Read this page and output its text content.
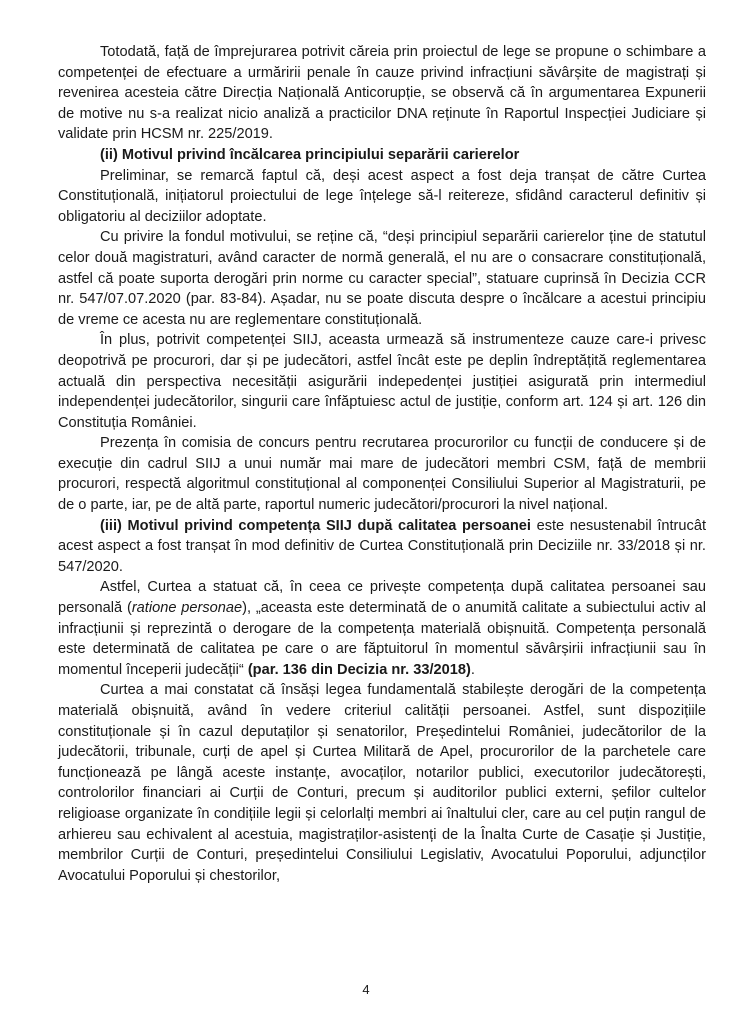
Totodată, față de împrejurarea potrivit căreia prin proiectul de lege se propune o schimbare a competenței de efectuare a urmăririi penale în cauze privind infracțiuni săvârșite de magistrați și revenirea acesteia către Direcția Națională Anticorupție, se observă că în argumentarea Expunerii de motive nu s-a realizat nicio analiză a practicilor DNA reținute în Raportul Inspecției Judiciare și validate prin HCSM nr. 225/2019.

(ii) Motivul privind încălcarea principiului separării carierelor

Preliminar, se remarcă faptul că, deși acest aspect a fost deja tranșat de către Curtea Constituțională, inițiatorul proiectului de lege înțelege să-l reitereze, sfidând caracterul definitiv și obligatoriu al deciziilor adoptate.

Cu privire la fondul motivului, se reține că, “deși principiul separării carierelor ține de statutul celor două magistraturi, având caracter de normă generală, el nu are o consacrare constituțională, astfel că poate suporta derogări prin norme cu caracter special”, statuare cuprinsă în Decizia CCR nr. 547/07.07.2020 (par. 83-84). Așadar, nu se poate discuta despre o încălcare a acestui principiu de vreme ce acesta nu are reglementare constituțională.

În plus, potrivit competenței SIIJ, aceasta urmează să instrumenteze cauze care-i privesc deopotrivă pe procurori, dar și pe judecători, astfel încât este pe deplin îndreptățită reglementarea actuală din perspectiva necesității asigurării indepedenței justiției asigurată prin intermediul independenței judecătorilor, singurii care înfăptuiesc actul de justiție, conform art. 124 și art. 126 din Constituția României.

Prezența în comisia de concurs pentru recrutarea procurorilor cu funcții de conducere și de execuție din cadrul SIIJ a unui număr mai mare de judecători membri CSM, față de membrii procurori, respectă algoritmul constituțional al componenței Consiliului Superior al Magistraturii, pe de o parte, iar, pe de altă parte, raportul numeric judecători/procurori la nivel național.

(iii) Motivul privind competența SIIJ după calitatea persoanei este nesustenabil întrucât acest aspect a fost tranșat în mod definitiv de Curtea Constituțională prin Deciziile nr. 33/2018 și nr. 547/2020.

Astfel, Curtea a statuat că, în ceea ce privește competența după calitatea persoanei sau personală (ratione personae), „aceasta este determinată de o anumită calitate a subiectului activ al infracțiunii și reprezintă o derogare de la competența materială obișnuită. Competența personală este determinată de calitatea pe care o are făptuitorul în momentul săvârșirii infracțiunii sau în momentul începerii judecății“ (par. 136 din Decizia nr. 33/2018).

Curtea a mai constatat că însăși legea fundamentală stabilește derogări de la competența materială obișnuită, având în vedere criteriul calității persoanei. Astfel, sunt dispozițiile constituționale și în cazul deputaților și senatorilor, Președintelui României, judecătorilor de la judecătorii, tribunale, curți de apel și Curtea Militară de Apel, procurorilor de la parchetele care funcționează pe lângă aceste instanțe, avocaților, notarilor publici, executorilor judecătorești, controlorilor financiari ai Curții de Conturi, precum și auditorilor publici externi, șefilor cultelor religioase organizate în condițiile legii și celorlalți membri ai înaltului cler, care au cel puțin rangul de arhiereu sau echivalent al acestuia, magistraților-asistenți de la Înalta Curte de Casație și Justiție, membrilor Curții de Conturi, președintelui Consiliului Legislativ, Avocatului Poporului, adjuncților Avocatului Poporului și chestorilor,

4
